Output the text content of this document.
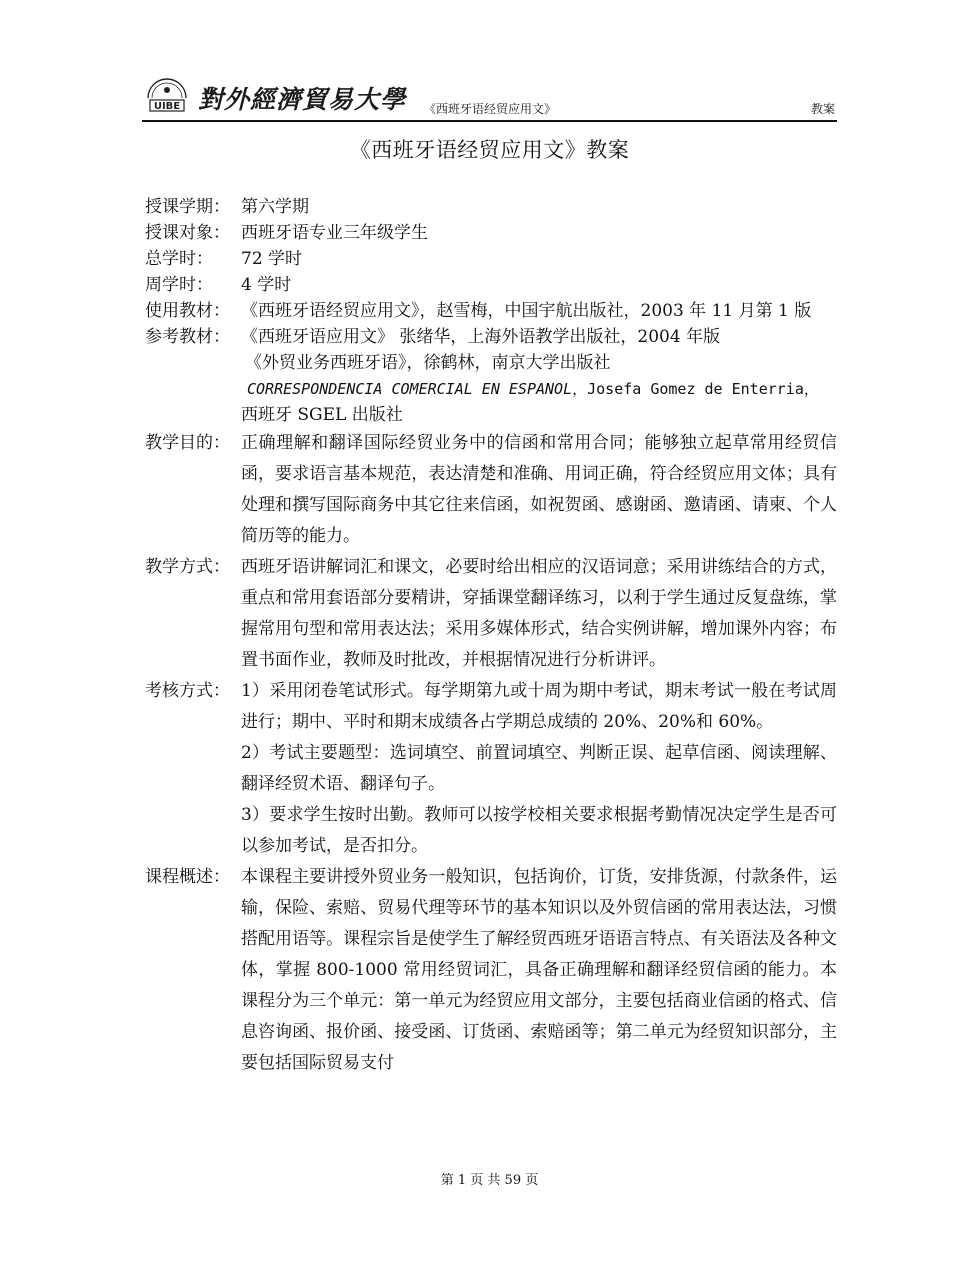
UIBE 對外經濟貿易大學 《西班牙语经贸应用文》	教案
《西班牙语经贸应用文》教案
授课学期： 第六学期
授课对象： 西班牙语专业三年级学生
总学时：	72 学时
周学时：	4 学时
使用教材： 《西班牙语经贸应用文》，赵雪梅，中国宇航出版社，2003 年 11 月第 1 版
参考教材： 《西班牙语应用文》 张绪华，上海外语教学出版社，2004 年版

《外贸业务西班牙语》，徐鹤林，南京大学出版社

CORRESPONDENCIA COMERCIAL EN ESPANOL，Josefa Gomez de Enterria，

西班牙 SGEL 出版社

教学目的： 正确理解和翻译国际经贸业务中的信函和常用合同；能够独立起草常用经贸信函，要求语言基本规范，表达清楚和准确、用词正确，符合经贸应用文体；具有处理和撰写国际商务中其它往来信函，如祝贺函、感谢函、邀请函、请柬、个人简历等的能力。
教学方式： 西班牙语讲解词汇和课文，必要时给出相应的汉语词意；采用讲练结合的方式，重点和常用套语部分要精讲，穿插课堂翻译练习，以利于学生通过反复盘练，掌握常用句型和常用表达法；采用多媒体形式，结合实例讲解，增加课外内容；布置书面作业，教师及时批改，并根据情况进行分析讲评。
考核方式： 1）采用闭卷笔试形式。每学期第九或十周为期中考试，期末考试一般在考试周进行；期中、平时和期末成绩各占学期总成绩的 20%、20%和 60%。

2）考试主要题型：选词填空、前置词填空、判断正误、起草信函、阅读理解、翻译经贸术语、翻译句子。

3）要求学生按时出勤。教师可以按学校相关要求根据考勤情况决定学生是否可以参加考试，是否扣分。

课程概述： 本课程主要讲授外贸业务一般知识，包括询价，订货，安排货源，付款条件，运输，保险、索赔、贸易代理等环节的基本知识以及外贸信函的常用表达法，习惯搭配用语等。课程宗旨是使学生了解经贸西班牙语语言特点、有关语法及各种文体，掌握 800-1000 常用经贸词汇，具备正确理解和翻译经贸信函的能力。本课程分为三个单元：第一单元为经贸应用文部分，主要包括商业信函的格式、信息咨询函、报价函、接受函、订货函、索赔函等；第二单元为经贸知识部分，主要包括国际贸易支付
第 1 页 共 59 页
